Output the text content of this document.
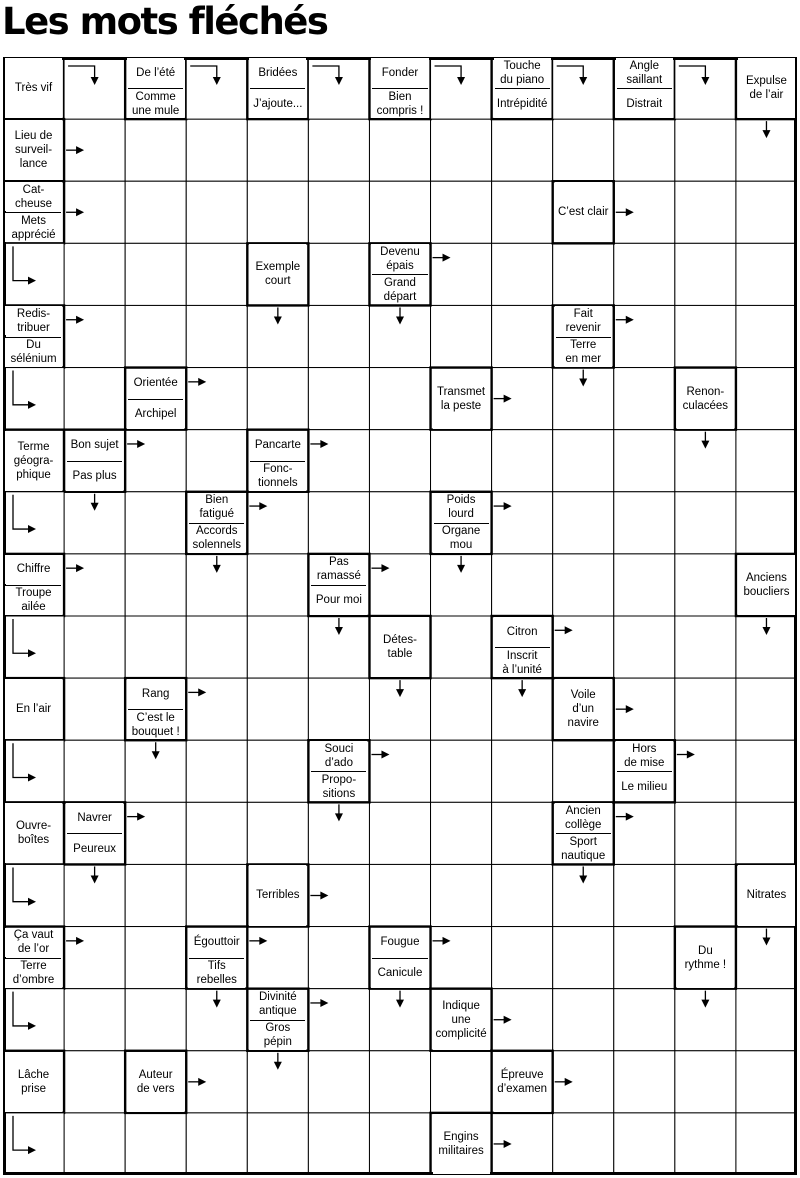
Les mots fléchés
Très vif
De l’été
Comme
une mule
Bridées
J’ajoute...
Fonder
Bien
compris !
Touche
du piano
Intrépidité
Angle
saillant
Distrait
Expulse
de l’air
Lieu de
surveil-
lance
Cat-
cheuse
Mets
apprécié
C’est clair
Exemple
court
Devenu
épais
Grand
départ
Redis-
tribuer
Du
sélénium
Fait
revenir
Terre
en mer
Orientée
Archipel
Transmet
la peste
Renon-
culacées
Terme
géogra-
phique
Bon sujet
Pas plus
Pancarte
Fonc-
tionnels
Bien
fatigué
Accords
solennels
Poids
lourd
Organe
mou
Chiffre
Troupe
ailée
Pas
ramassé
Pour moi
Anciens
boucliers
Détes-
table
Citron
Inscrit
à l’unité
En l’air
Rang
C’est le
bouquet !
Voile
d’un
navire
Souci
d’ado
Propo-
sitions
Hors
de mise
Le milieu
Ouvre-
boîtes
Navrer
Peureux
Ancien
collège
Sport
nautique
Terribles	Nitrates
Ça vaut
de l’or
Terre
d’ombre
Égouttoir
Tifs
rebelles
Fougue
Canicule
Du
rythme !
Divinité
antique
Gros
pépin
Indique
une
complicité
Lâche
prise
Auteur
de vers
Épreuve
d’examen
Engins
militaires
